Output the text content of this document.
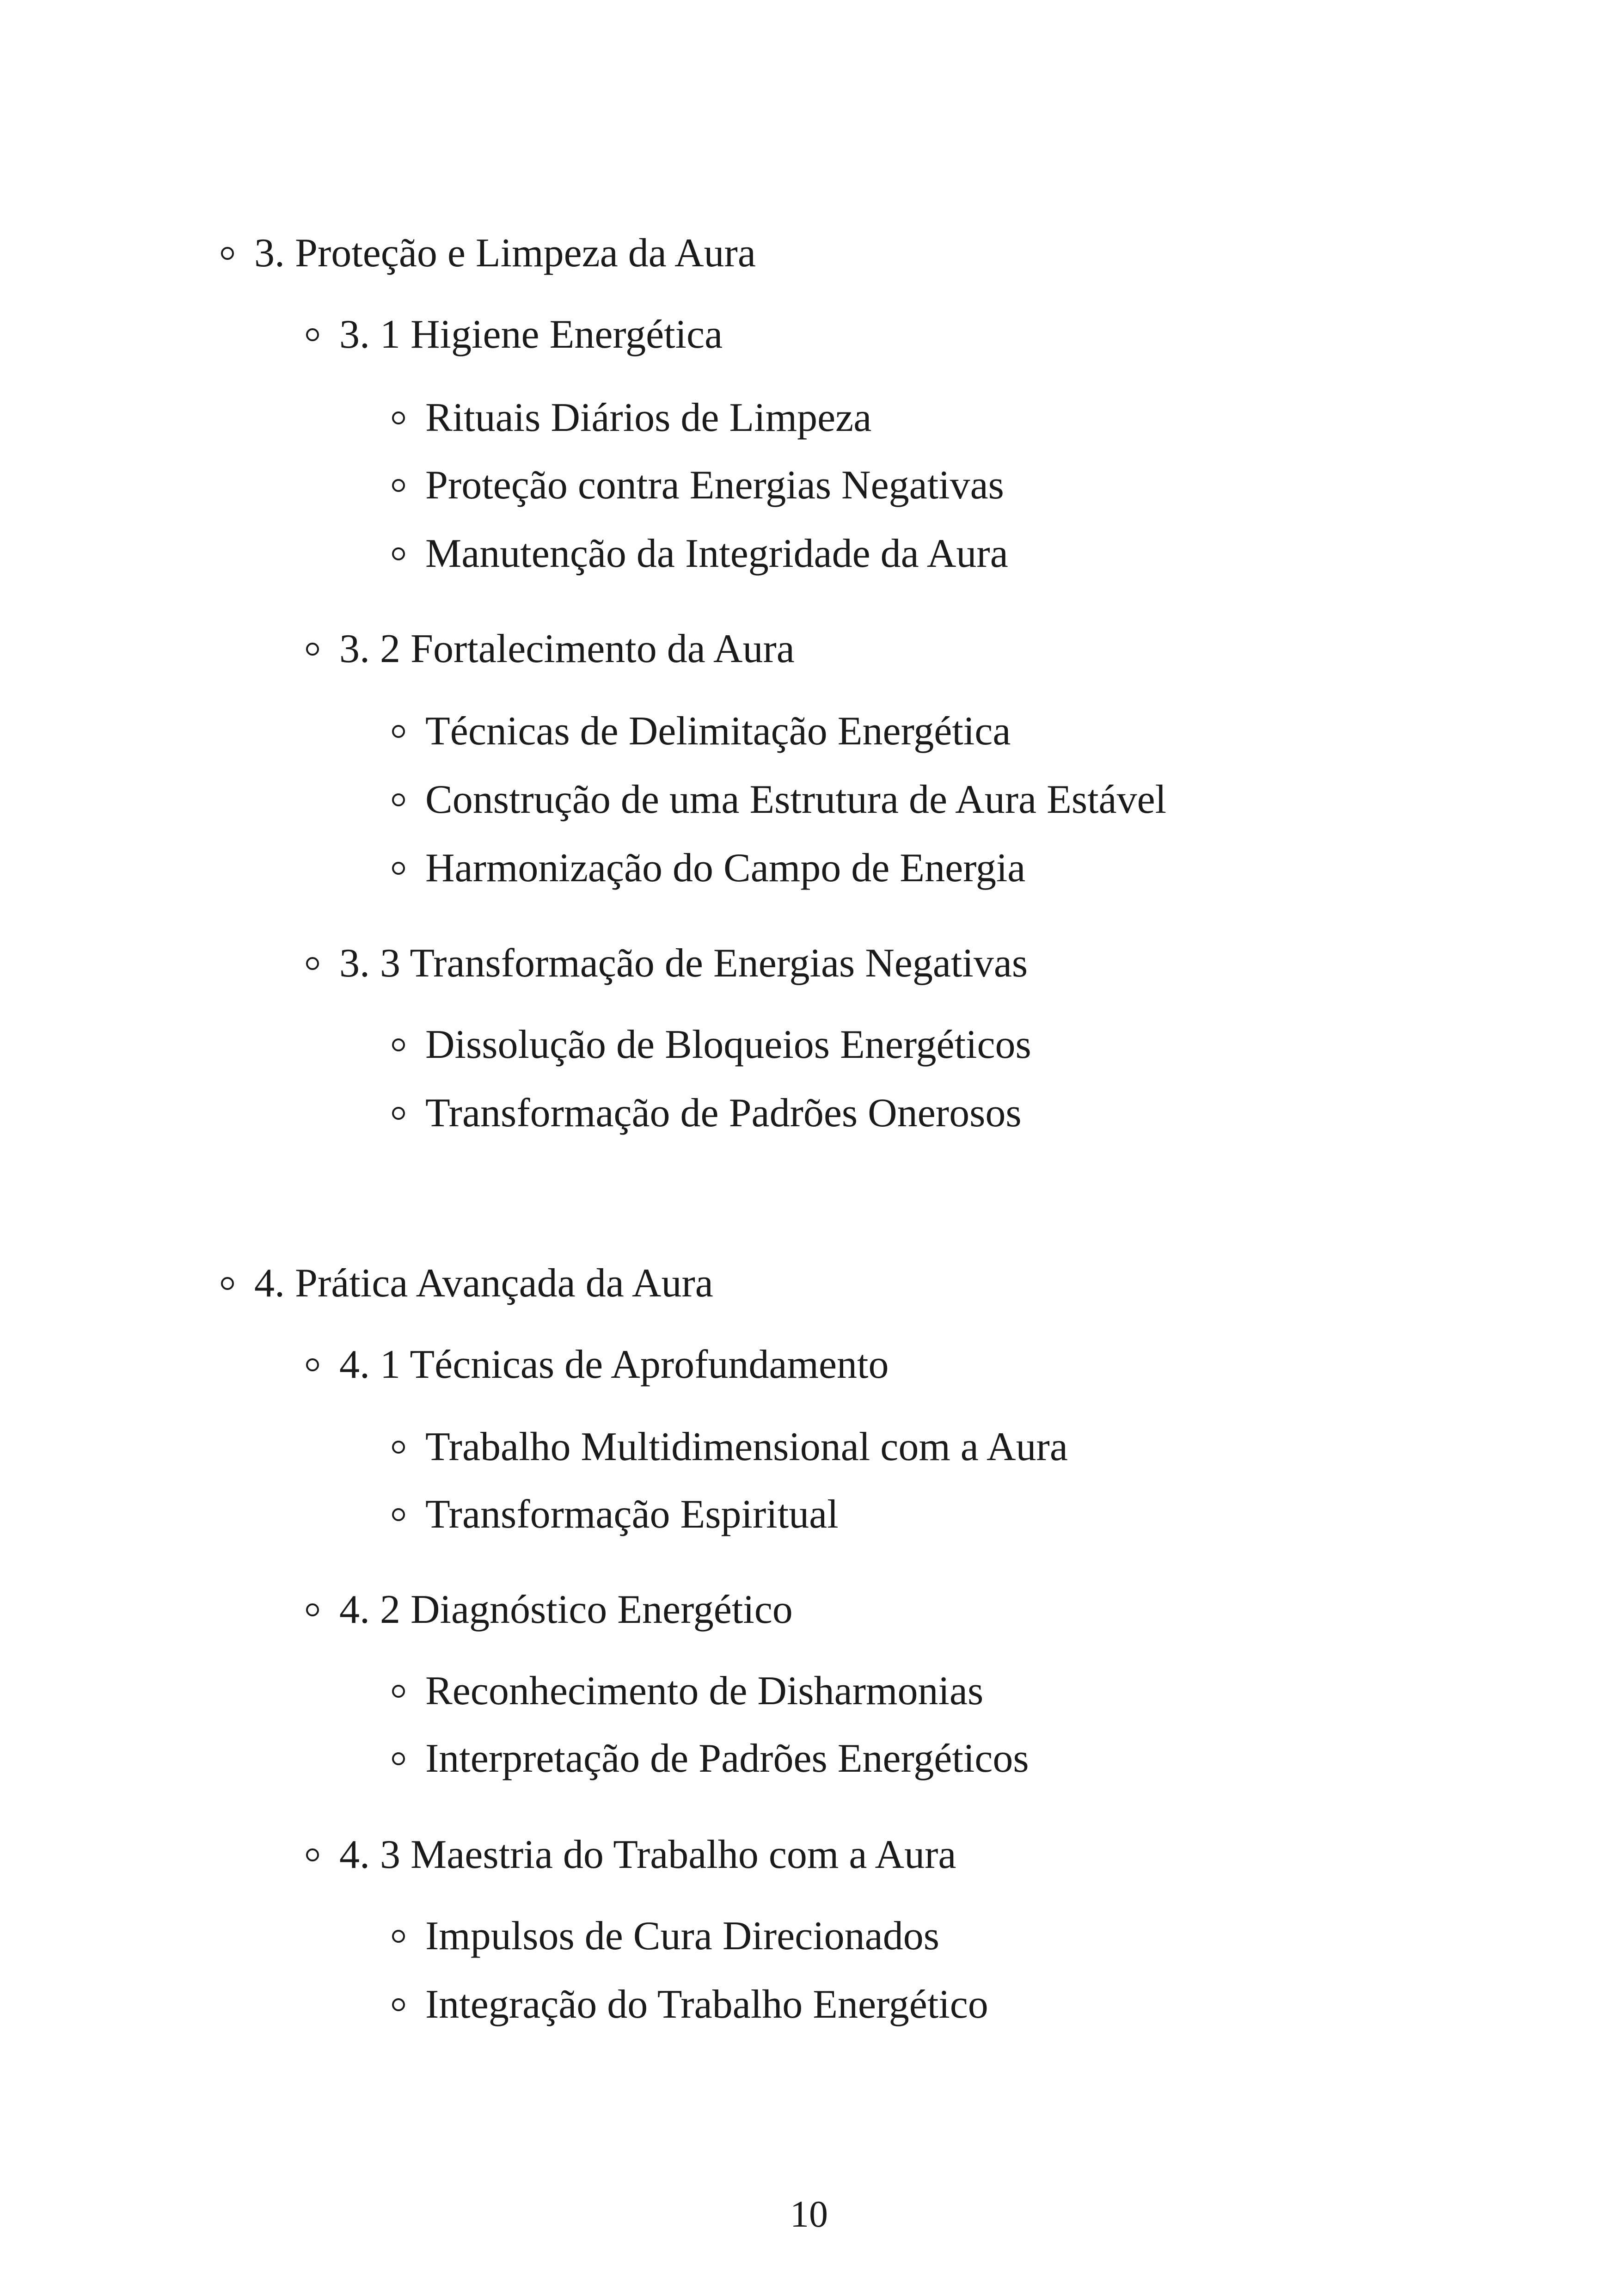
3. Proteção e Limpeza da Aura
3. 1 Higiene Energética
Rituais Diários de Limpeza
Proteção contra Energias Negativas
Manutenção da Integridade da Aura
3. 2 Fortalecimento da Aura
Técnicas de Delimitação Energética
Construção de uma Estrutura de Aura Estável
Harmonização do Campo de Energia
3. 3 Transformação de Energias Negativas
Dissolução de Bloqueios Energéticos
Transformação de Padrões Onerosos
4. Prática Avançada da Aura
4. 1 Técnicas de Aprofundamento
Trabalho Multidimensional com a Aura
Transformação Espiritual
4. 2 Diagnóstico Energético
Reconhecimento de Disharmonias
Interpretação de Padrões Energéticos
4. 3 Maestria do Trabalho com a Aura
Impulsos de Cura Direcionados
Integração do Trabalho Energético
10
